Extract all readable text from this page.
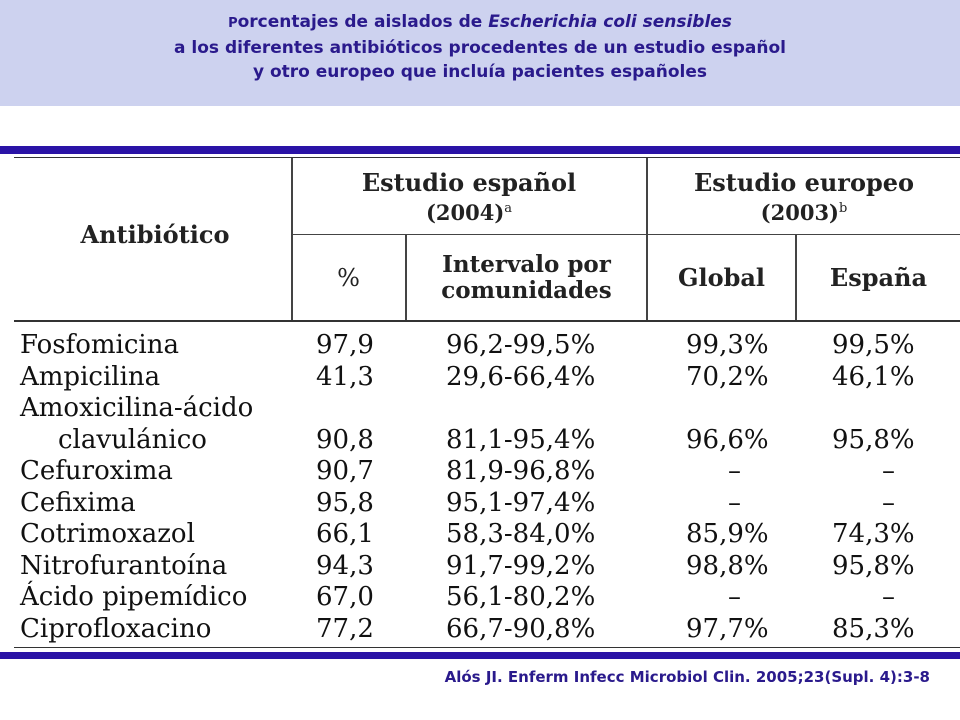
Porcentajes de aislados de Escherichia coli sensibles
a los diferentes antibióticos procedentes de un estudio español
y otro europeo que incluía pacientes españoles
Antibiótico
Estudio español
$(2004)^a$
Estudio europeo
$(2003)^b$
%	Intervalo por
comunidades	Global	España
Fosfomicina	97,9	96,2-99,5%	99,3% 99,5%
Ampicilina	41,3	29,6-66,4%	70,2% 46,1%
Amoxicilina-ácido
clavulánico	90,8	81,1-95,4%	96,6% 95,8%
Cefuroxima	90,7	81,9-96,8%	–	–
Cefixima	95,8	95,1-97,4%	–	–
Cotrimoxazol	66,1	58,3-84,0%	85,9% 74,3%
Nitrofurantoína	94,3	91,7-99,2%	98,8% 95,8%
Ácido pipemídico	67,0	56,1-80,2%	–	–
Ciprofloxacino	77,2	66,7-90,8%	97,7% 85,3%
Alós JI. Enferm Infecc Microbiol Clin. 2005;23(Supl. 4):3-8
